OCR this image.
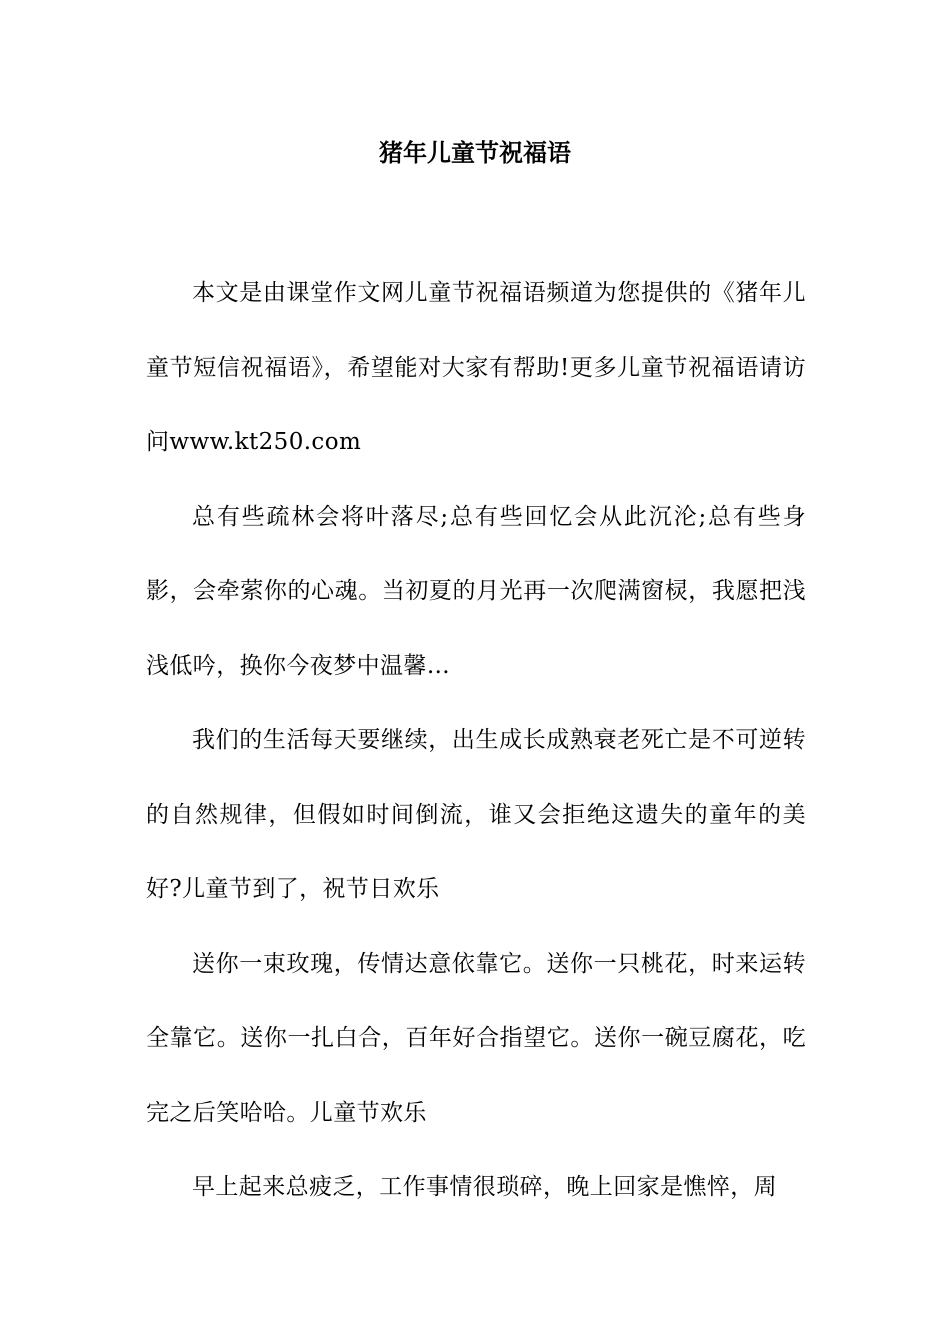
猪年儿童节祝福语

本文是由课堂作文网儿童节祝福语频道为您提供的《猪年儿童节短信祝福语》，希望能对大家有帮助!更多儿童节祝福语请访问www.kt250.com

总有些疏林会将叶落尽;总有些回忆会从此沉沦;总有些身影，会牵萦你的心魂。当初夏的月光再一次爬满窗棂，我愿把浅浅低吟，换你今夜梦中温馨…

我们的生活每天要继续，出生成长成熟衰老死亡是不可逆转的自然规律，但假如时间倒流，谁又会拒绝这遗失的童年的美好?儿童节到了，祝节日欢乐

送你一束玫瑰，传情达意依靠它。送你一只桃花，时来运转全靠它。送你一扎白合，百年好合指望它。送你一碗豆腐花，吃完之后笑哈哈。儿童节欢乐

早上起来总疲乏，工作事情很琐碎，晚上回家是憔悴，周
